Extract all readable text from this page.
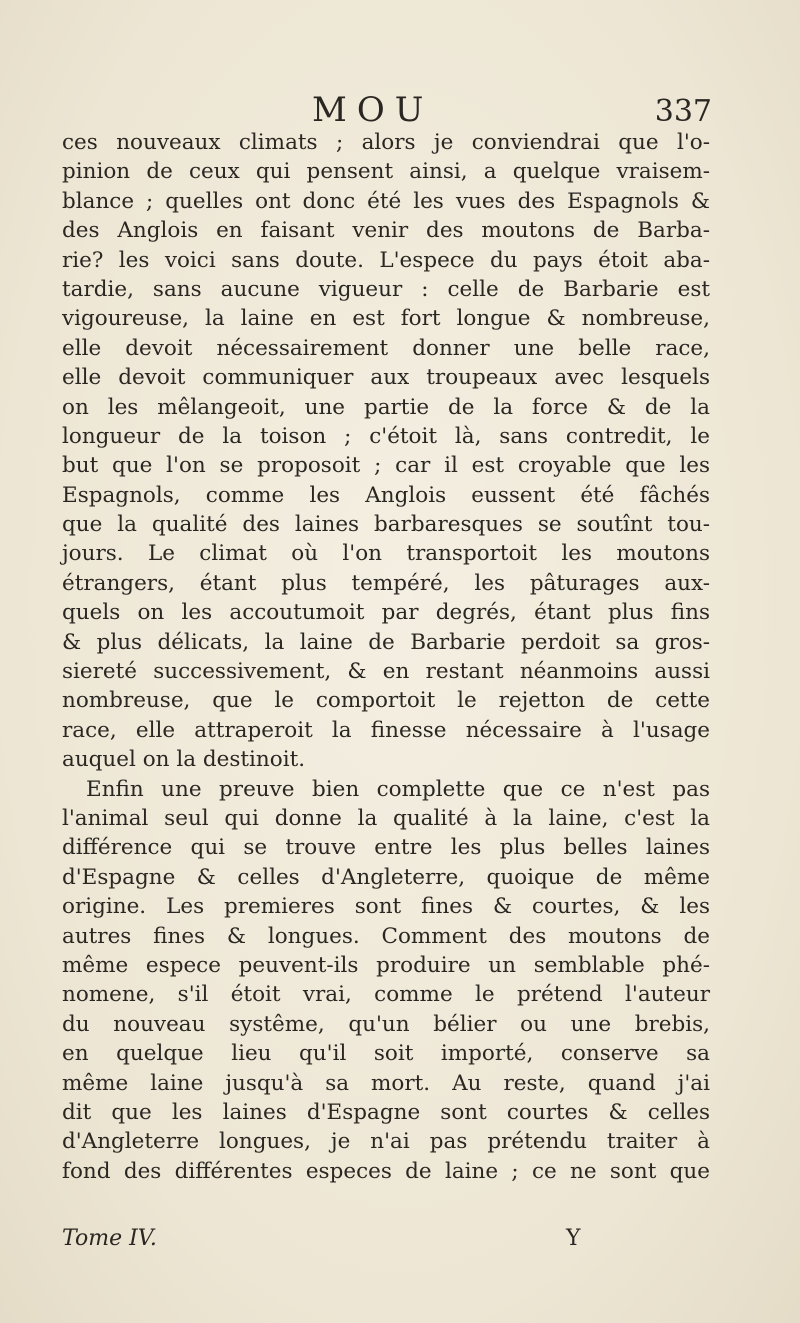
MOU	337
ces nouveaux climats ; alors je conviendrai que l'o-
pinion de ceux qui pensent ainsi, a quelque vraisem-
blance ; quelles ont donc été les vues des Espagnols &
des Anglois en faisant venir des moutons de Barba-
rie? les voici sans doute. L'espece du pays étoit aba-
tardie, sans aucune vigueur : celle de Barbarie est
vigoureuse, la laine en est fort longue & nombreuse,
elle devoit nécessairement donner une belle race,
elle devoit communiquer aux troupeaux avec lesquels
on les mêlangeoit, une partie de la force & de la
longueur de la toison ; c'étoit là, sans contredit, le
but que l'on se proposoit ; car il est croyable que les
Espagnols, comme les Anglois eussent été fâchés
que la qualité des laines barbaresques se soutînt tou-
jours. Le climat où l'on transportoit les moutons
étrangers, étant plus tempéré, les pâturages aux-
quels on les accoutumoit par degrés, étant plus fins
& plus délicats, la laine de Barbarie perdoit sa gros-
siereté successivement, & en restant néanmoins aussi
nombreuse, que le comportoit le rejetton de cette
race, elle attraperoit la finesse nécessaire à l'usage
auquel on la destinoit.
Enfin une preuve bien complette que ce n'est pas
l'animal seul qui donne la qualité à la laine, c'est la
différence qui se trouve entre les plus belles laines
d'Espagne & celles d'Angleterre, quoique de même
origine. Les premieres sont fines & courtes, & les
autres fines & longues. Comment des moutons de
même espece peuvent-ils produire un semblable phé-
nomene, s'il étoit vrai, comme le prétend l'auteur
du nouveau systême, qu'un bélier ou une brebis,
en quelque lieu qu'il soit importé, conserve sa
même laine jusqu'à sa mort. Au reste, quand j'ai
dit que les laines d'Espagne sont courtes & celles
d'Angleterre longues, je n'ai pas prétendu traiter à
fond des différentes especes de laine ; ce ne sont que
Tome IV.	Y
